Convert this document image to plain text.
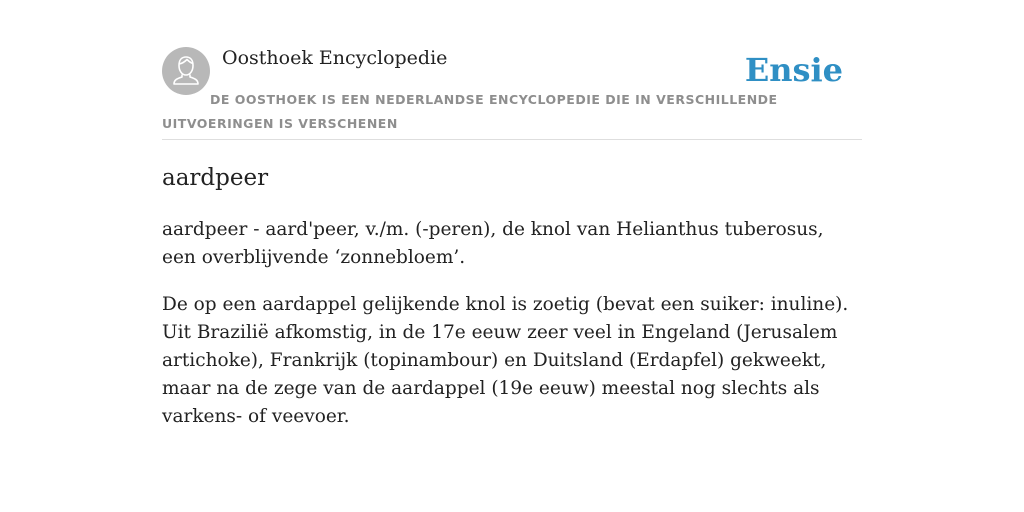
Oosthoek Encyclopedie	Ensie
DE OOSTHOEK IS EEN NEDERLANDSE ENCYCLOPEDIE DIE IN VERSCHILLENDE UITVOERINGEN IS VERSCHENEN
aardpeer

aardpeer - aard'peer, v./m. (-peren), de knol van Helianthus tuberosus, een overblijvende ‘zonnebloem’.

De op een aardappel gelijkende knol is zoetig (bevat een suiker: inuline). Uit Brazilië afkomstig, in de 17e eeuw zeer veel in Engeland (Jerusalem artichoke), Frankrijk (topinambour) en Duitsland (Erdapfel) gekweekt, maar na de zege van de aardappel (19e eeuw) meestal nog slechts als varkens- of veevoer.
